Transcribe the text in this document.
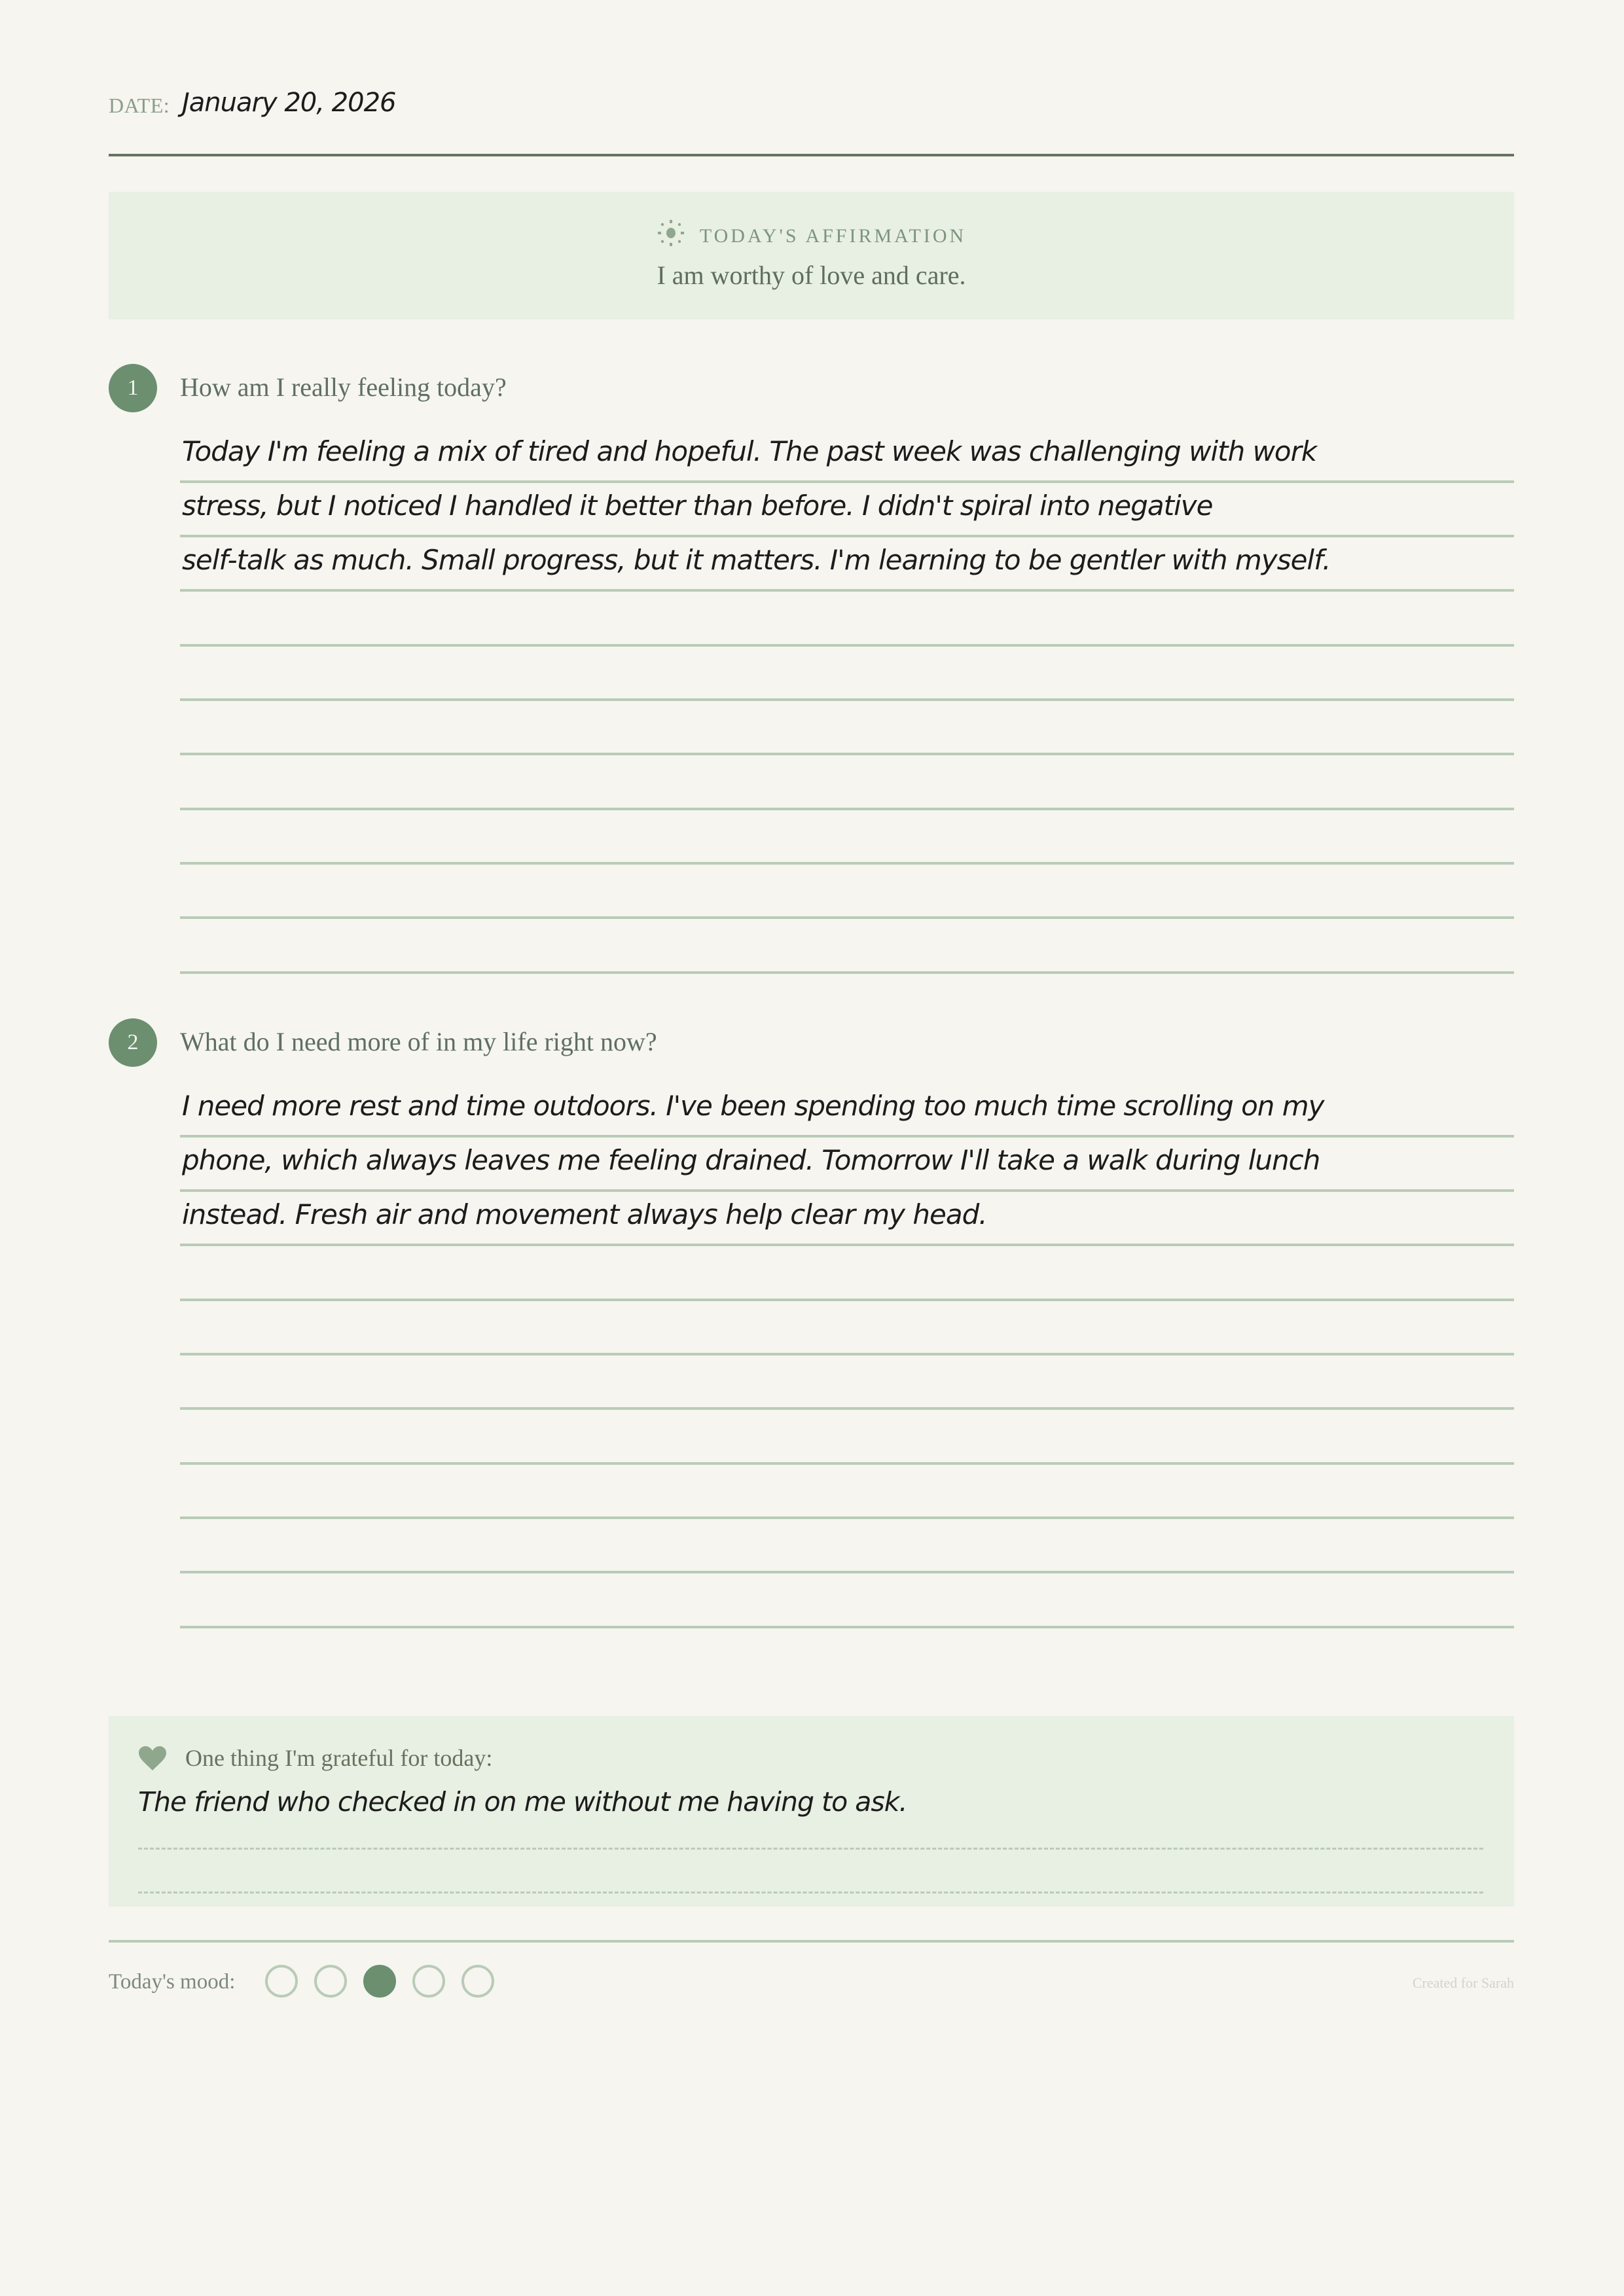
DATE: January 20, 2026
TODAY'S AFFIRMATION
I am worthy of love and care.
1	How am I really feeling today?
Today I'm feeling a mix of tired and hopeful. The past week was challenging with work
stress, but I noticed I handled it better than before. I didn't spiral into negative
self-talk as much. Small progress, but it matters. I'm learning to be gentler with myself.
2	What do I need more of in my life right now?
I need more rest and time outdoors. I've been spending too much time scrolling on my
phone, which always leaves me feeling drained. Tomorrow I'll take a walk during lunch
instead. Fresh air and movement always help clear my head.
One thing I'm grateful for today:
The friend who checked in on me without me having to ask.
Today's mood:	Created for Sarah
